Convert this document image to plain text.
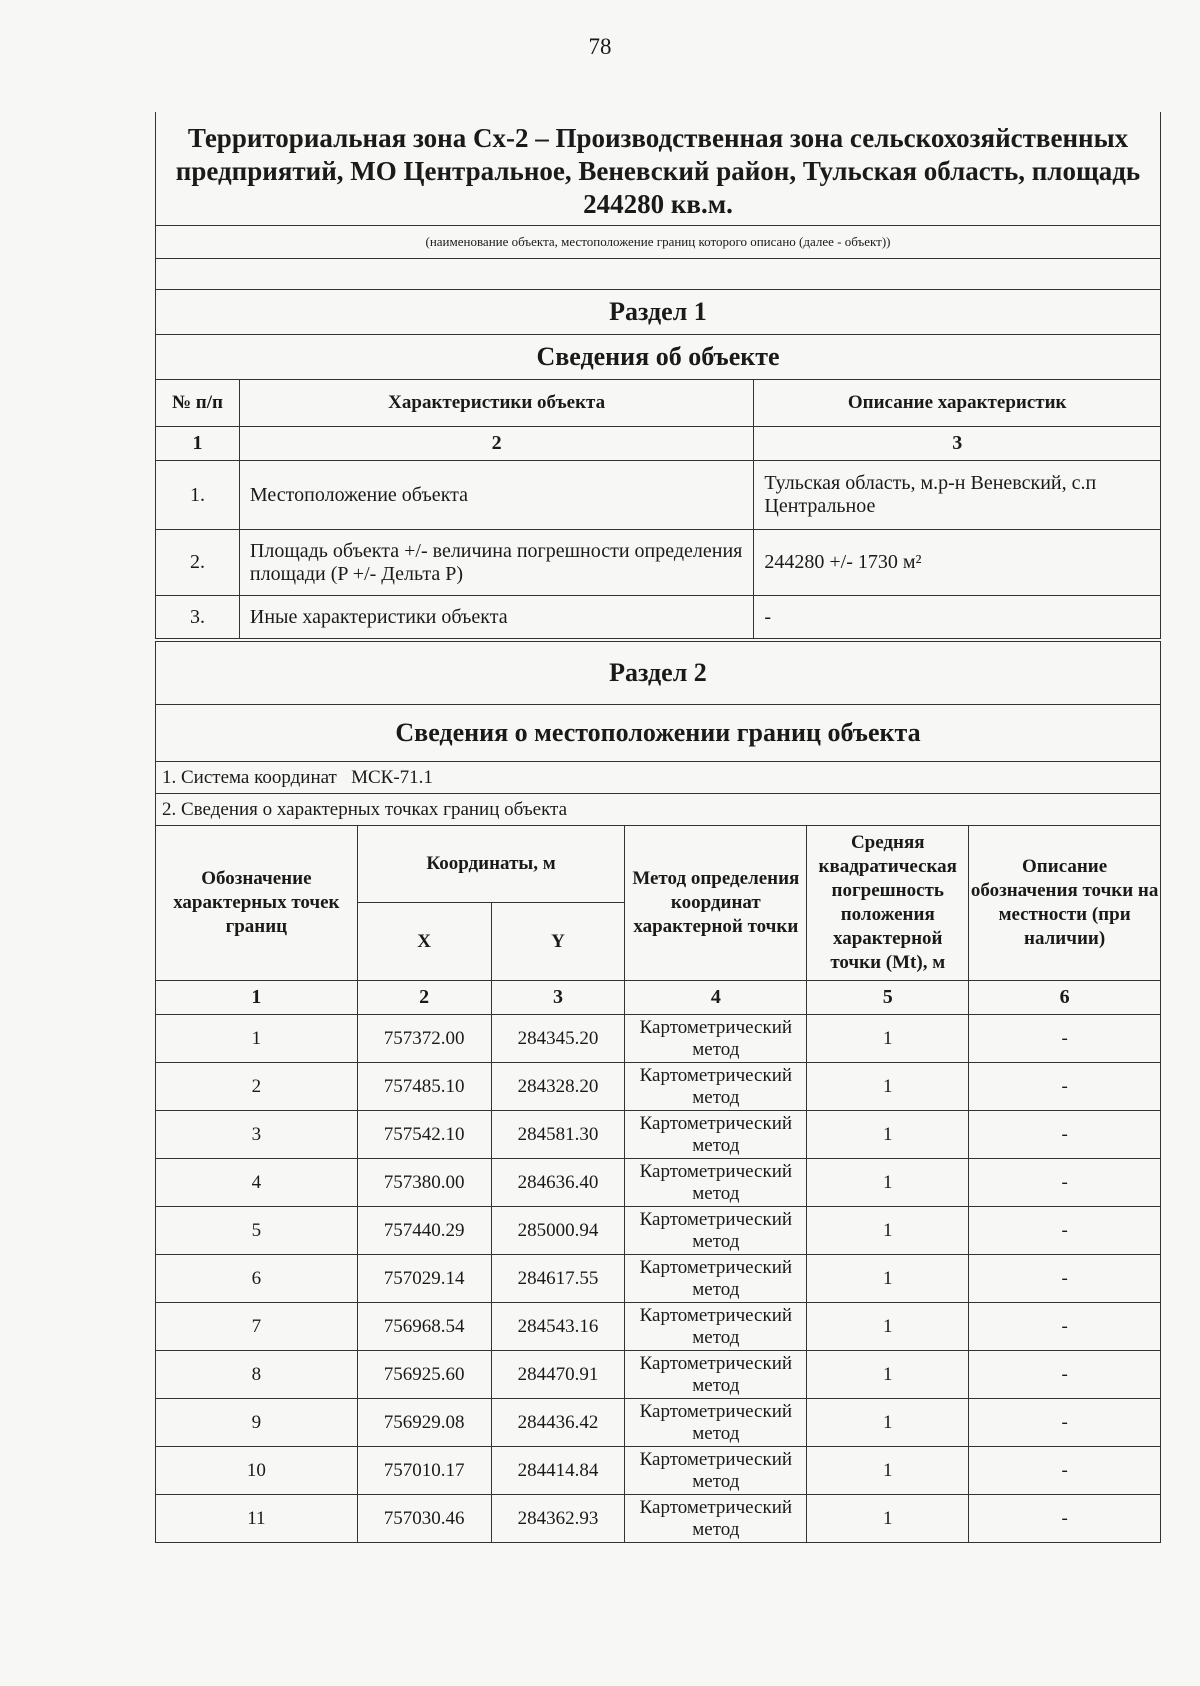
78
Территориальная зона Сх-2 – Производственная зона сельскохозяйственных предприятий, МО Центральное, Веневский район, Тульская область, площадь 244280 кв.м.		
(наименование объекта, местоположение границ которого описано (далее - объект))		

Раздел 1		
Сведения об объекте		
№ п/п	Характеристики объекта	Описание характеристик
1	2	3
1.	Местоположение объекта	Тульская область, м.р-н Веневский, с.п Центральное
2.	Площадь объекта +/- величина погрешности определения площади (P +/- Дельта P)	244280 +/- 1730 м²
3.	Иные характеристики объекта	-
Раздел 2					
Сведения о местоположении границ объекта					
1. Система координат МСК-71.1					
2. Сведения о характерных точках границ объекта					
Обозначение характерных точек границ	Координаты, м		Метод определения координат характерной точки	Средняя квадратическая погрешность положения характерной точки (Mt), м	Описание обозначения точки на местности (при наличии)
	X	Y			
1	2	3	4	5	6
1	757372.00	284345.20	Картометрический метод	1	-
2	757485.10	284328.20	Картометрический метод	1	-
3	757542.10	284581.30	Картометрический метод	1	-
4	757380.00	284636.40	Картометрический метод	1	-
5	757440.29	285000.94	Картометрический метод	1	-
6	757029.14	284617.55	Картометрический метод	1	-
7	756968.54	284543.16	Картометрический метод	1	-
8	756925.60	284470.91	Картометрический метод	1	-
9	756929.08	284436.42	Картометрический метод	1	-
10	757010.17	284414.84	Картометрический метод	1	-
11	757030.46	284362.93	Картометрический метод	1	-
